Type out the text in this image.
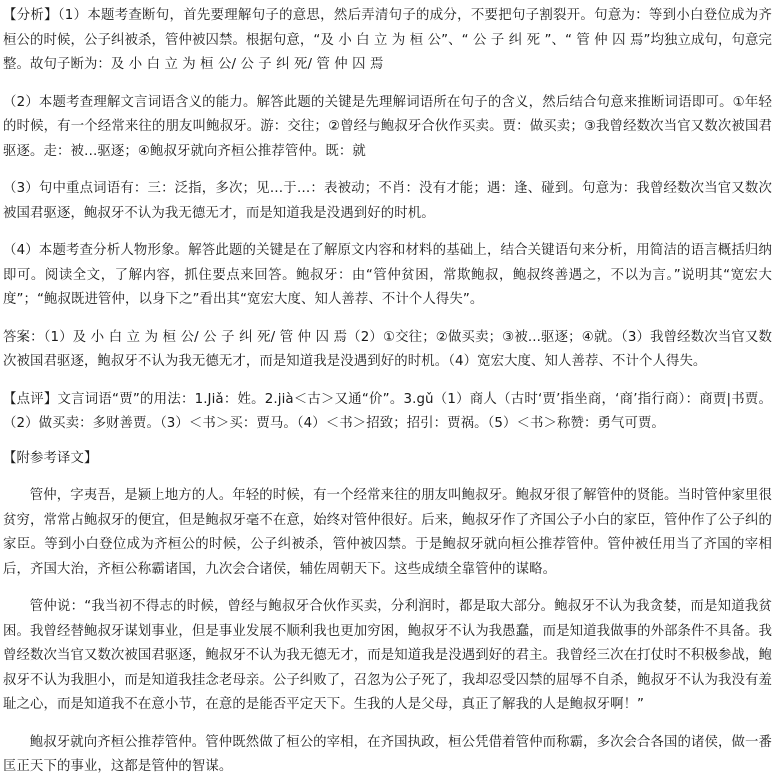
【分析】（1）本题考查断句，首先要理解句子的意思，然后弄清句子的成分，不要把句子割裂开。句意为：等到小白登位成为齐桓公的时候，公子纠被杀，管仲被囚禁。根据句意，“及 小 白 立 为 桓 公”、“ 公 子 纠 死 ”、“ 管 仲 囚 焉”均独立成句，句意完整。故句子断为：及 小 白 立 为 桓 公/ 公 子 纠 死/ 管 仲 囚 焉

（2）本题考查理解文言词语含义的能力。解答此题的关键是先理解词语所在句子的含义，然后结合句意来推断词语即可。①年轻的时候，有一个经常来往的朋友叫鲍叔牙。游：交往；②曾经与鲍叔牙合伙作买卖。贾：做买卖；③我曾经数次当官又数次被国君驱逐。走：被…驱逐；④鲍叔牙就向齐桓公推荐管仲。既：就

（3）句中重点词语有：三：泛指，多次；见…于…：表被动；不肖：没有才能；遇：逢、碰到。句意为：我曾经数次当官又数次被国君驱逐，鲍叔牙不认为我无德无才，而是知道我是没遇到好的时机。

（4）本题考查分析人物形象。解答此题的关键是在了解原文内容和材料的基础上，结合关键语句来分析，用简洁的语言概括归纳即可。阅读全文，了解内容，抓住要点来回答。鲍叔牙：由“管仲贫困，常欺鲍叔，鲍叔终善遇之，不以为言。”说明其“宽宏大度”；“鲍叔既进管仲，以身下之”看出其“宽宏大度、知人善荐、不计个人得失”。

答案：（1）及 小 白 立 为 桓 公/ 公 子 纠 死/ 管 仲 囚 焉（2）①交往；②做买卖；③被...驱逐；④就。（3）我曾经数次当官又数次被国君驱逐，鲍叔牙不认为我无德无才，而是知道我是没遇到好的时机。（4）宽宏大度、知人善荐、不计个人得失。

【点评】文言词语“贾”的用法：1.Jiǎ：姓。2.jià＜古＞又通“价”。3.gǔ（1）商人（古时‘贾’指坐商，‘商’指行商）：商贾|书贾。（2）做买卖：多财善贾。（3）＜书＞买：贾马。（4）＜书＞招致；招引：贾祸。（5）＜书＞称赞：勇气可贾。

【附参考译文】

管仲，字夷吾，是颍上地方的人。年轻的时候，有一个经常来往的朋友叫鲍叔牙。鲍叔牙很了解管仲的贤能。当时管仲家里很贫穷，常常占鲍叔牙的便宜，但是鲍叔牙毫不在意，始终对管仲很好。后来，鲍叔牙作了齐国公子小白的家臣，管仲作了公子纠的家臣。等到小白登位成为齐桓公的时候，公子纠被杀，管仲被囚禁。于是鲍叔牙就向桓公推荐管仲。管仲被任用当了齐国的宰相后，齐国大治，齐桓公称霸诸国，九次会合诸侯，辅佐周朝天下。这些成绩全靠管仲的谋略。

管仲说：“我当初不得志的时候，曾经与鲍叔牙合伙作买卖，分利润时，都是取大部分。鲍叔牙不认为我贪婪，而是知道我贫困。我曾经替鲍叔牙谋划事业，但是事业发展不顺利我也更加穷困，鲍叔牙不认为我愚蠢，而是知道我做事的外部条件不具备。我曾经数次当官又数次被国君驱逐，鲍叔牙不认为我无德无才，而是知道我是没遇到好的君主。我曾经三次在打仗时不积极参战，鲍叔牙不认为我胆小，而是知道我挂念老母亲。公子纠败了，召忽为公子死了，我却忍受囚禁的屈辱不自杀，鲍叔牙不认为我没有羞耻之心，而是知道我不在意小节，在意的是能否平定天下。生我的人是父母，真正了解我的人是鲍叔牙啊！”

鲍叔牙就向齐桓公推荐管仲。管仲既然做了桓公的宰相，在齐国执政，桓公凭借着管仲而称霸，多次会合各国的诸侯，做一番匡正天下的事业，这都是管仲的智谋。
